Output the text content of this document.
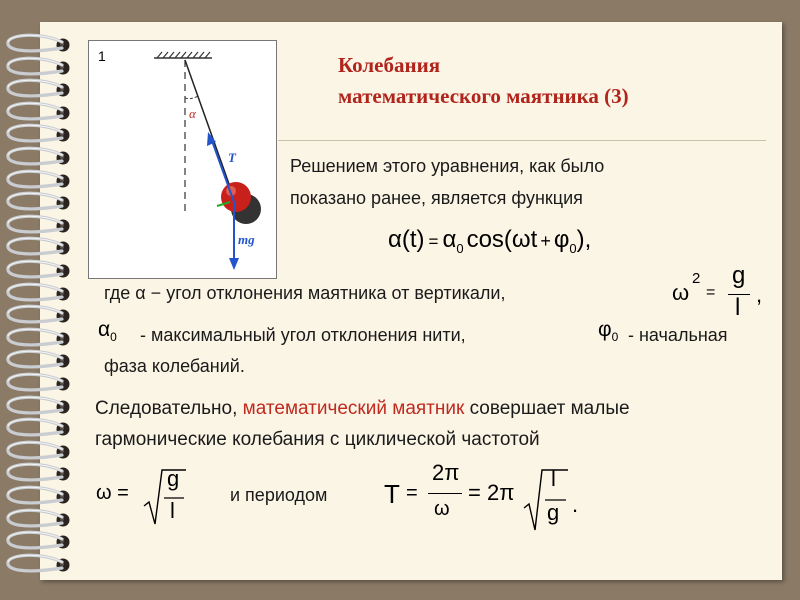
1
α
T
mg
Колебания
математического маятника (3)
Решением этого уравнения, как было
показано ранее, является функция
$\alpha(t) = \alpha_0$ $\cos(\omega t + \varphi_0)$,
где α − угол отклонения маятника от вертикали,	ω
2
=
g
l ,
$\alpha_0$ - максимальный угол отклонения нити,	$\varphi_0$ - начальная
фаза колебаний.
Следовательно, математический маятник совершает малые
гармонические колебания с циклической частотой
ω =
g
l
и периодом T =
2π
ω
= 2π
l
g .
